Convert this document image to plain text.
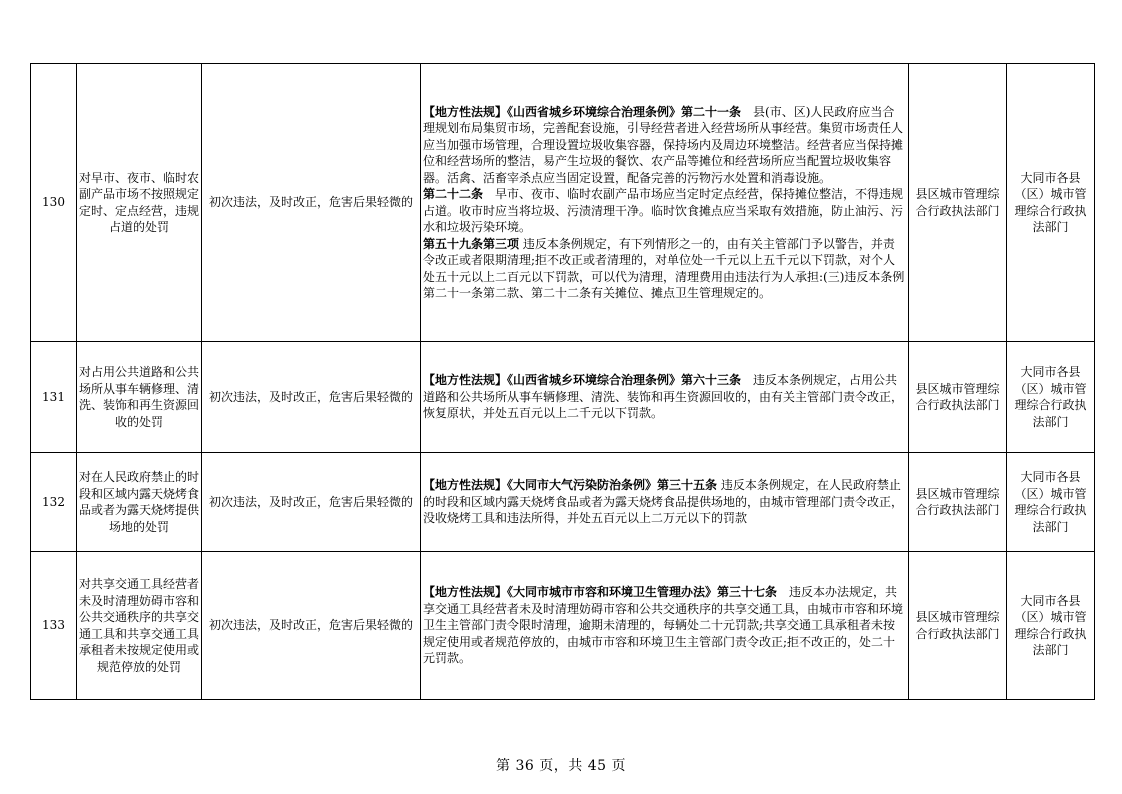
130	对早市、夜市、临时农副产品市场不按照规定定时、定点经营，违规占道的处罚	初次违法，及时改正，危害后果轻微的	【地方性法规】《山西省城乡环境综合治理条例》第二十一条　县(市、区)人民政府应当合理规划布局集贸市场，完善配套设施，引导经营者进入经营场所从事经营。集贸市场责任人应当加强市场管理，合理设置垃圾收集容器，保持场内及周边环境整洁。经营者应当保持摊位和经营场所的整洁，易产生垃圾的餐饮、农产品等摊位和经营场所应当配置垃圾收集容器。活禽、活畜宰杀点应当固定设置，配备完善的污物污水处置和消毒设施。
第二十二条　早市、夜市、临时农副产品市场应当定时定点经营，保持摊位整洁，不得违规占道。收市时应当将垃圾、污渍清理干净。临时饮食摊点应当采取有效措施，防止油污、污水和垃圾污染环境。
第五十九条第三项 违反本条例规定，有下列情形之一的，由有关主管部门予以警告，并责令改正或者限期清理;拒不改正或者清理的，对单位处一千元以上五千元以下罚款，对个人处五十元以上二百元以下罚款，可以代为清理，清理费用由违法行为人承担:(三)违反本条例第二十一条第二款、第二十二条有关摊位、摊点卫生管理规定的。	县区城市管理综合行政执法部门	大同市各县（区）城市管理综合行政执法部门
131	对占用公共道路和公共场所从事车辆修理、清洗、装饰和再生资源回收的处罚	初次违法，及时改正，危害后果轻微的	【地方性法规】《山西省城乡环境综合治理条例》第六十三条　违反本条例规定，占用公共道路和公共场所从事车辆修理、清洗、装饰和再生资源回收的，由有关主管部门责令改正，恢复原状，并处五百元以上二千元以下罚款。	县区城市管理综合行政执法部门	大同市各县（区）城市管理综合行政执法部门
132	对在人民政府禁止的时段和区域内露天烧烤食品或者为露天烧烤提供场地的处罚	初次违法，及时改正，危害后果轻微的	【地方性法规】《大同市大气污染防治条例》第三十五条 违反本条例规定，在人民政府禁止的时段和区域内露天烧烤食品或者为露天烧烤食品提供场地的，由城市管理部门责令改正，没收烧烤工具和违法所得，并处五百元以上二万元以下的罚款	县区城市管理综合行政执法部门	大同市各县（区）城市管理综合行政执法部门
133	对共享交通工具经营者未及时清理妨碍市容和公共交通秩序的共享交通工具和共享交通工具承租者未按规定使用或规范停放的处罚	初次违法，及时改正，危害后果轻微的	【地方性法规】《大同市城市市容和环境卫生管理办法》第三十七条　违反本办法规定，共享交通工具经营者未及时清理妨碍市容和公共交通秩序的共享交通工具，由城市市容和环境卫生主管部门责令限时清理，逾期未清理的，每辆处二十元罚款;共享交通工具承租者未按规定使用或者规范停放的，由城市市容和环境卫生主管部门责令改正;拒不改正的，处二十元罚款。	县区城市管理综合行政执法部门	大同市各县（区）城市管理综合行政执法部门
第 36 页，共 45 页
